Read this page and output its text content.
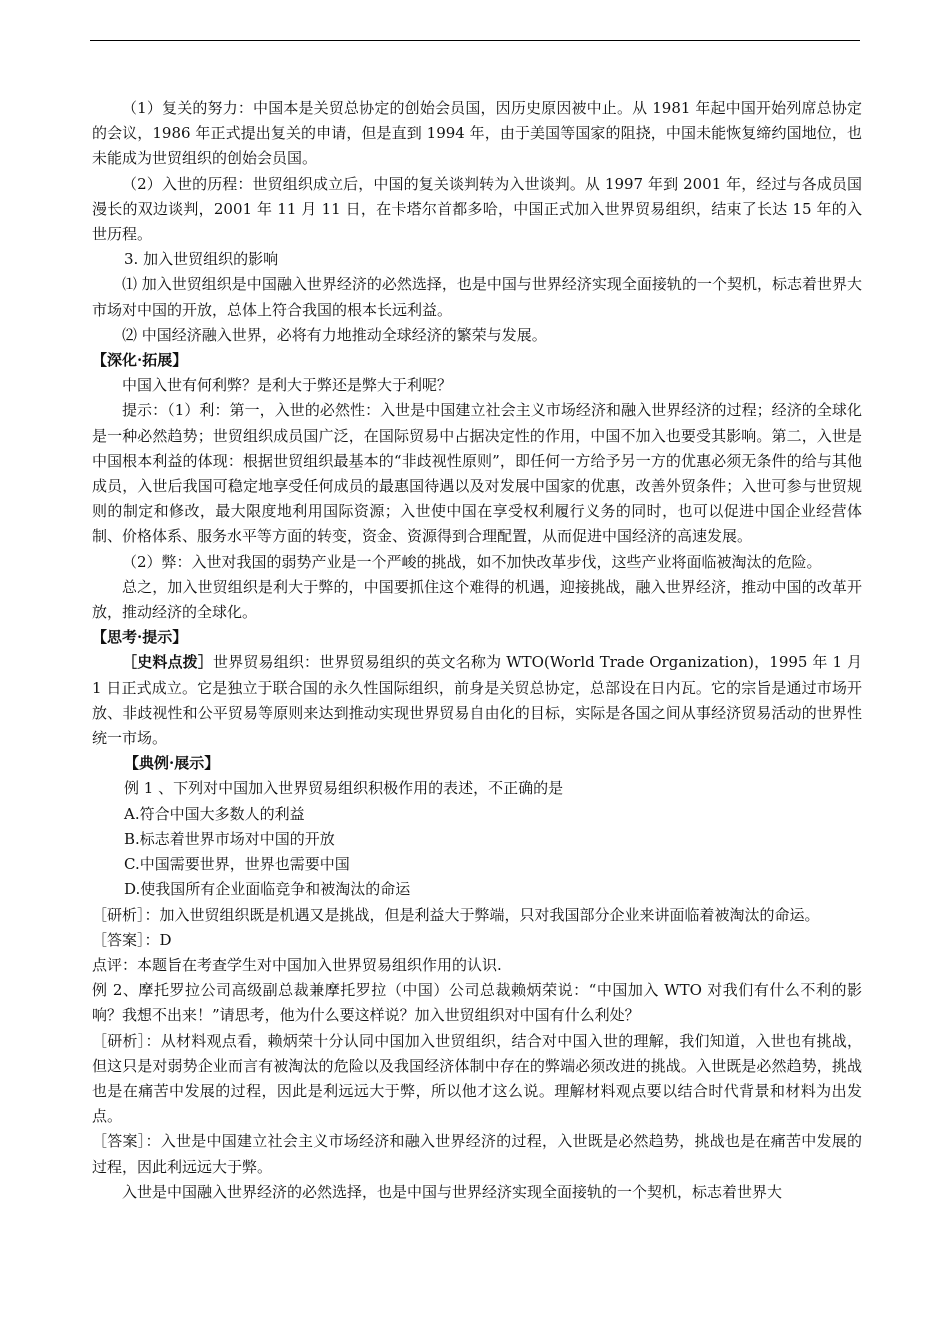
（1）复关的努力：中国本是关贸总协定的创始会员国，因历史原因被中止。从 1981 年起中国开始列席总协定的会议，1986 年正式提出复关的申请，但是直到 1994 年，由于美国等国家的阻挠，中国未能恢复缔约国地位，也未能成为世贸组织的创始会员国。

（2）入世的历程：世贸组织成立后，中国的复关谈判转为入世谈判。从 1997 年到 2001 年，经过与各成员国漫长的双边谈判，2001 年 11 月 11 日，在卡塔尔首都多哈，中国正式加入世界贸易组织，结束了长达 15 年的入世历程。

3. 加入世贸组织的影响

⑴ 加入世贸组织是中国融入世界经济的必然选择，也是中国与世界经济实现全面接轨的一个契机，标志着世界大市场对中国的开放，总体上符合我国的根本长远利益。

⑵ 中国经济融入世界，必将有力地推动全球经济的繁荣与发展。

【深化·拓展】

中国入世有何利弊？是利大于弊还是弊大于利呢？

提示：（1）利：第一，入世的必然性：入世是中国建立社会主义市场经济和融入世界经济的过程；经济的全球化是一种必然趋势；世贸组织成员国广泛，在国际贸易中占据决定性的作用，中国不加入也要受其影响。第二，入世是中国根本利益的体现：根据世贸组织最基本的“非歧视性原则”，即任何一方给予另一方的优惠必须无条件的给与其他成员，入世后我国可稳定地享受任何成员的最惠国待遇以及对发展中国家的优惠，改善外贸条件；入世可参与世贸规则的制定和修改，最大限度地利用国际资源；入世使中国在享受权利履行义务的同时，也可以促进中国企业经营体制、价格体系、服务水平等方面的转变，资金、资源得到合理配置，从而促进中国经济的高速发展。

（2）弊：入世对我国的弱势产业是一个严峻的挑战，如不加快改革步伐，这些产业将面临被淘汰的危险。

总之，加入世贸组织是利大于弊的，中国要抓住这个难得的机遇，迎接挑战，融入世界经济，推动中国的改革开放，推动经济的全球化。

【思考·提示】

［史料点拨］世界贸易组织：世界贸易组织的英文名称为 WTO(World Trade Organization)，1995 年 1 月 1 日正式成立。它是独立于联合国的永久性国际组织，前身是关贸总协定，总部设在日内瓦。它的宗旨是通过市场开放、非歧视性和公平贸易等原则来达到推动实现世界贸易自由化的目标，实际是各国之间从事经济贸易活动的世界性统一市场。

【典例·展示】

例 1 、下列对中国加入世界贸易组织积极作用的表述，不正确的是

A.符合中国大多数人的利益

B.标志着世界市场对中国的开放

C.中国需要世界，世界也需要中国

D.使我国所有企业面临竞争和被淘汰的命运

［研析］：加入世贸组织既是机遇又是挑战，但是利益大于弊端，只对我国部分企业来讲面临着被淘汰的命运。

［答案］：D

点评：本题旨在考查学生对中国加入世界贸易组织作用的认识.

例 2、摩托罗拉公司高级副总裁兼摩托罗拉（中国）公司总裁赖炳荣说：“中国加入 WTO 对我们有什么不利的影响？我想不出来！”请思考，他为什么要这样说？加入世贸组织对中国有什么利处？

［研析］：从材料观点看，赖炳荣十分认同中国加入世贸组织，结合对中国入世的理解，我们知道，入世也有挑战，但这只是对弱势企业而言有被淘汰的危险以及我国经济体制中存在的弊端必须改进的挑战。入世既是必然趋势，挑战也是在痛苦中发展的过程，因此是利远远大于弊，所以他才这么说。理解材料观点要以结合时代背景和材料为出发点。

［答案］：入世是中国建立社会主义市场经济和融入世界经济的过程，入世既是必然趋势，挑战也是在痛苦中发展的过程，因此利远远大于弊。

入世是中国融入世界经济的必然选择，也是中国与世界经济实现全面接轨的一个契机，标志着世界大
